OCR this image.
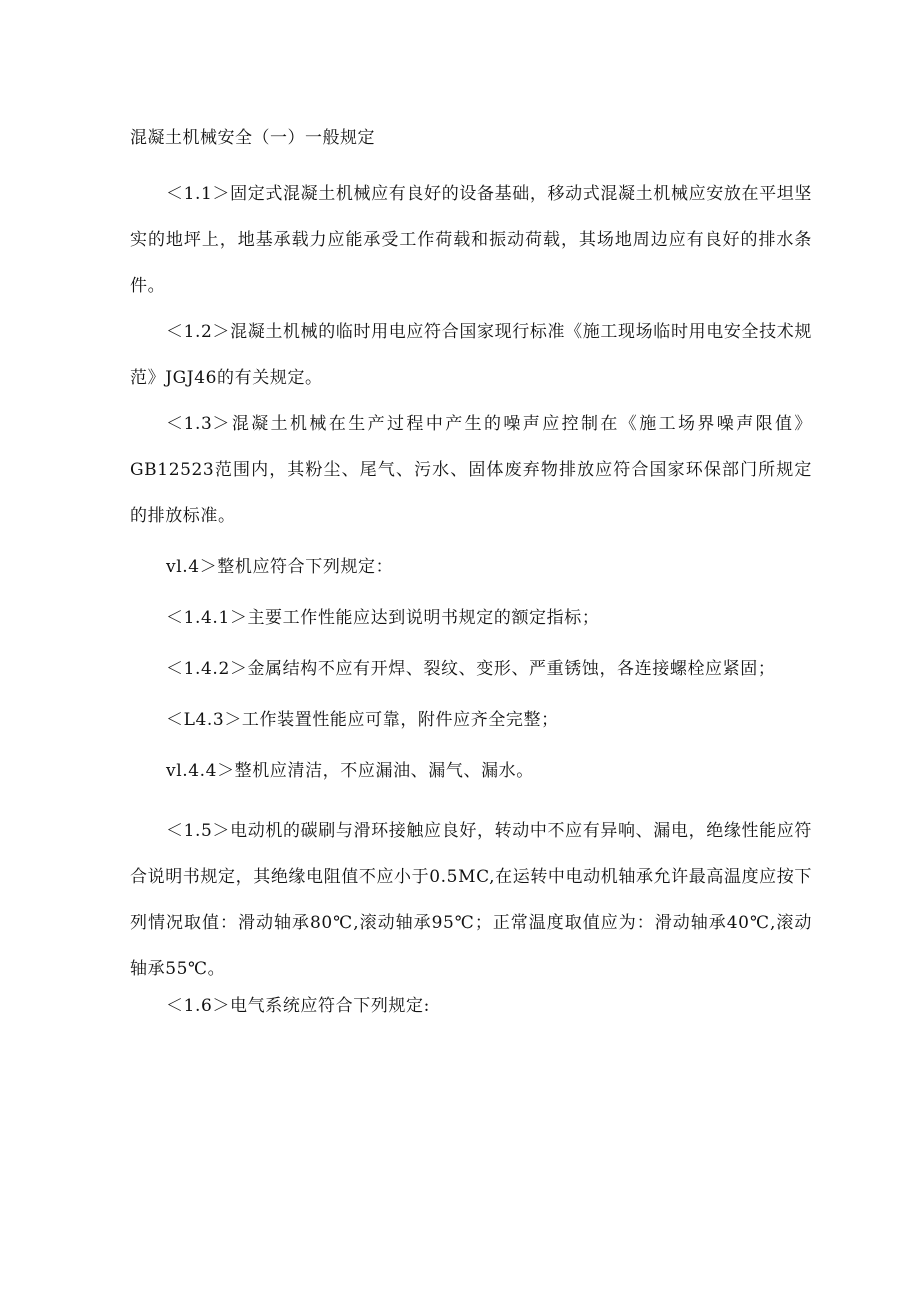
混凝土机械安全（一）一般规定

＜1.1＞固定式混凝土机械应有良好的设备基础，移动式混凝土机械应安放在平坦坚实的地坪上，地基承载力应能承受工作荷载和振动荷载，其场地周边应有良好的排水条件。

＜1.2＞混凝土机械的临时用电应符合国家现行标准《施工现场临时用电安全技术规范》JGJ46的有关规定。

＜1.3＞混凝土机械在生产过程中产生的噪声应控制在《施工场界噪声限值》GB12523范围内，其粉尘、尾气、污水、固体废弃物排放应符合国家环保部门所规定的排放标准。

vl.4＞整机应符合下列规定：

＜1.4.1＞主要工作性能应达到说明书规定的额定指标；

＜1.4.2＞金属结构不应有开焊、裂纹、变形、严重锈蚀，各连接螺栓应紧固；

＜L4.3＞工作装置性能应可靠，附件应齐全完整；

vl.4.4＞整机应清洁，不应漏油、漏气、漏水。

＜1.5＞电动机的碳刷与滑环接触应良好，转动中不应有异响、漏电，绝缘性能应符合说明书规定，其绝缘电阻值不应小于0.5MC,在运转中电动机轴承允许最高温度应按下列情况取值：滑动轴承80℃,滚动轴承95℃；正常温度取值应为：滑动轴承40℃,滚动轴承55℃。

＜1.6＞电气系统应符合下列规定:
